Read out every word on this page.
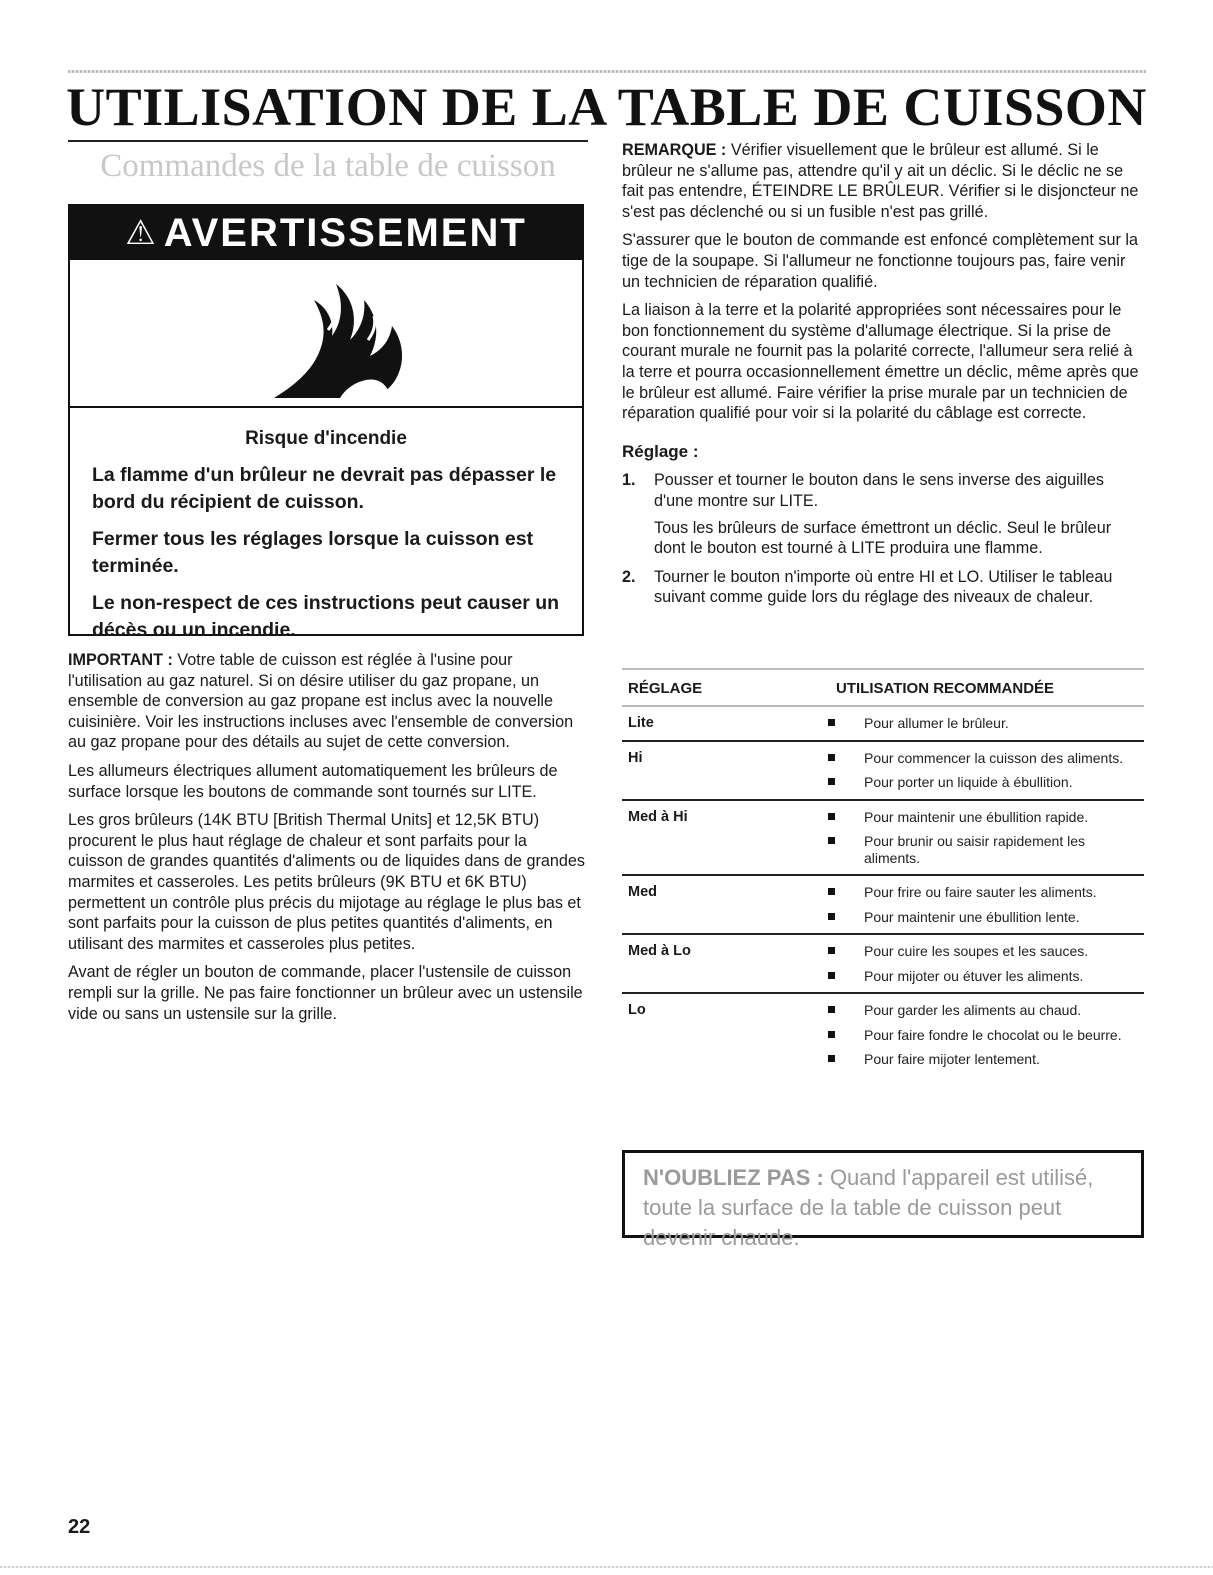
UTILISATION DE LA TABLE DE CUISSON

Commandes de la table de cuisson

⚠ AVERTISSEMENT

Risque d'incendie

La flamme d'un brûleur ne devrait pas dépasser le bord du récipient de cuisson.

Fermer tous les réglages lorsque la cuisson est terminée.

Le non-respect de ces instructions peut causer un décès ou un incendie.

IMPORTANT : Votre table de cuisson est réglée à l'usine pour l'utilisation au gaz naturel. Si on désire utiliser du gaz propane, un ensemble de conversion au gaz propane est inclus avec la nouvelle cuisinière. Voir les instructions incluses avec l'ensemble de conversion au gaz propane pour des détails au sujet de cette conversion.

Les allumeurs électriques allument automatiquement les brûleurs de surface lorsque les boutons de commande sont tournés sur LITE.

Les gros brûleurs (14K BTU [British Thermal Units] et 12,5K BTU) procurent le plus haut réglage de chaleur et sont parfaits pour la cuisson de grandes quantités d'aliments ou de liquides dans de grandes marmites et casseroles. Les petits brûleurs (9K BTU et 6K BTU) permettent un contrôle plus précis du mijotage au réglage le plus bas et sont parfaits pour la cuisson de plus petites quantités d'aliments, en utilisant des marmites et casseroles plus petites.

Avant de régler un bouton de commande, placer l'ustensile de cuisson rempli sur la grille. Ne pas faire fonctionner un brûleur avec un ustensile vide ou sans un ustensile sur la grille.

REMARQUE : Vérifier visuellement que le brûleur est allumé. Si le brûleur ne s'allume pas, attendre qu'il y ait un déclic. Si le déclic ne se fait pas entendre, ÉTEINDRE LE BRÛLEUR. Vérifier si le disjoncteur ne s'est pas déclenché ou si un fusible n'est pas grillé.

S'assurer que le bouton de commande est enfoncé complètement sur la tige de la soupape. Si l'allumeur ne fonctionne toujours pas, faire venir un technicien de réparation qualifié.

La liaison à la terre et la polarité appropriées sont nécessaires pour le bon fonctionnement du système d'allumage électrique. Si la prise de courant murale ne fournit pas la polarité correcte, l'allumeur sera relié à la terre et pourra occasionnellement émettre un déclic, même après que le brûleur est allumé. Faire vérifier la prise murale par un technicien de réparation qualifié pour voir si la polarité du câblage est correcte.

Réglage :

1. Pousser et tourner le bouton dans le sens inverse des aiguilles d'une montre sur LITE.
Tous les brûleurs de surface émettront un déclic. Seul le brûleur dont le bouton est tourné à LITE produira une flamme.
2. Tourner le bouton n'importe où entre HI et LO. Utiliser le tableau suivant comme guide lors du réglage des niveaux de chaleur.
RÉGLAGE	UTILISATION RECOMMANDÉE
Lite	Pour allumer le brûleur.
Hi	Pour commencer la cuisson des aliments.
Pour porter un liquide à ébullition.
Med à Hi	Pour maintenir une ébullition rapide.
Pour brunir ou saisir rapidement les aliments.
Med	Pour frire ou faire sauter les aliments.
Pour maintenir une ébullition lente.
Med à Lo	Pour cuire les soupes et les sauces.
Pour mijoter ou étuver les aliments.
Lo	Pour garder les aliments au chaud.
Pour faire fondre le chocolat ou le beurre.
Pour faire mijoter lentement.
N'OUBLIEZ PAS : Quand l'appareil est utilisé, toute la surface de la table de cuisson peut devenir chaude.
22
